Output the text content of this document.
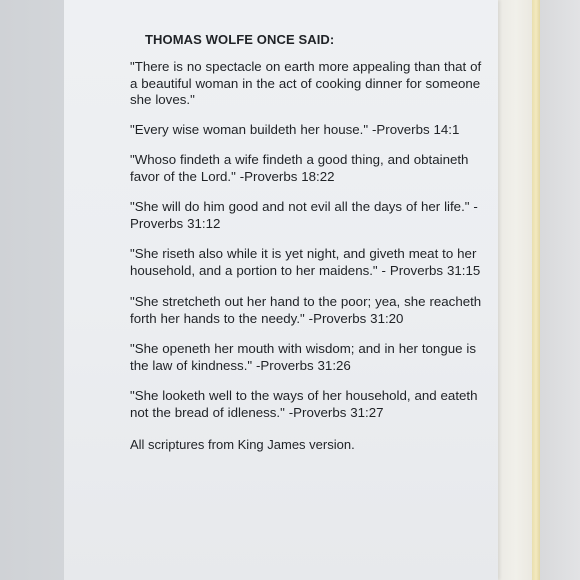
THOMAS WOLFE ONCE SAID:

"There is no spectacle on earth more appealing than that of a beautiful woman in the act of cooking dinner for someone she loves."

"Every wise woman buildeth her house." -Proverbs 14:1

"Whoso findeth a wife findeth a good thing, and obtaineth favor of the Lord." -Proverbs 18:22

"She will do him good and not evil all the days of her life." -Proverbs 31:12

"She riseth also while it is yet night, and giveth meat to her household, and a portion to her maidens." - Proverbs 31:15

"She stretcheth out her hand to the poor; yea, she reacheth forth her hands to the needy." -Proverbs 31:20

"She openeth her mouth with wisdom; and in her tongue is the law of kindness." -Proverbs 31:26

"She looketh well to the ways of her household, and eateth not the bread of idleness." -Proverbs 31:27

All scriptures from King James version.
